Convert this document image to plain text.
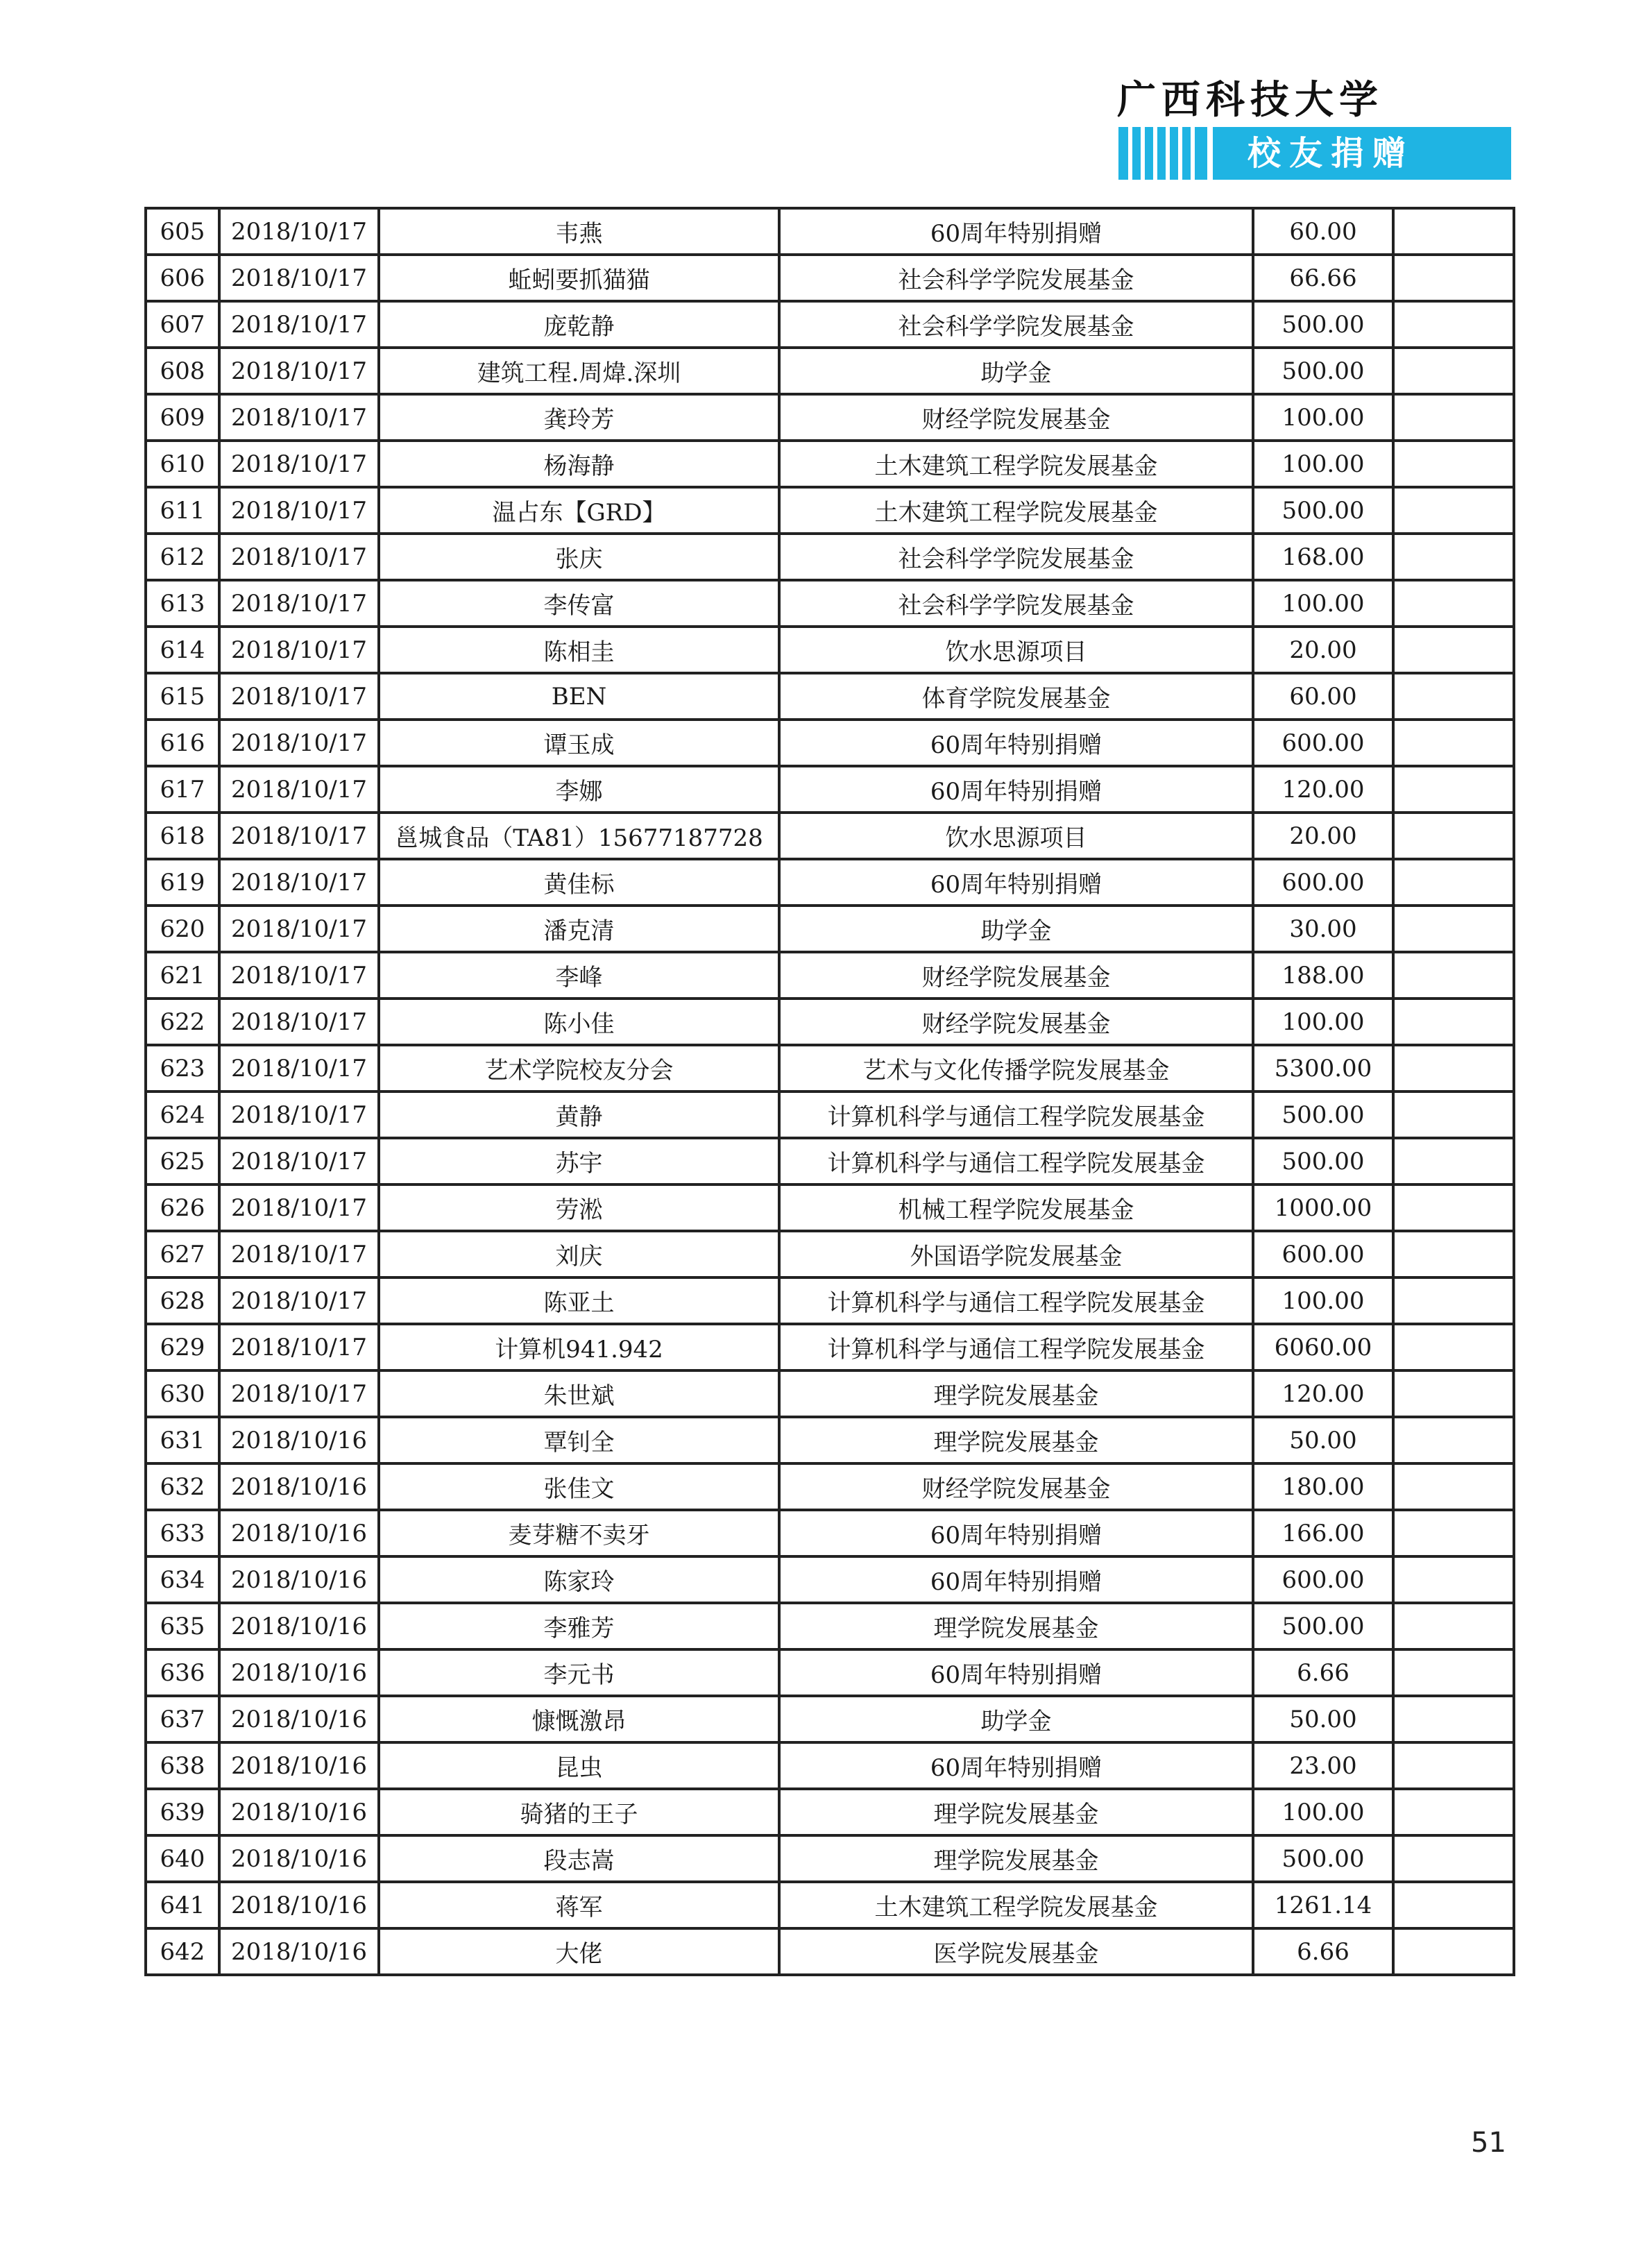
广西科技大学
校友捐赠
605	2018/10/17	韦燕	60周年特别捐赠	60.00	
606	2018/10/17	蚯蚓要抓猫猫	社会科学学院发展基金	66.66	
607	2018/10/17	庞乾静	社会科学学院发展基金	500.00	
608	2018/10/17	建筑工程.周煒.深圳	助学金	500.00	
609	2018/10/17	龚玲芳	财经学院发展基金	100.00	
610	2018/10/17	杨海静	土木建筑工程学院发展基金	100.00	
611	2018/10/17	温占东【GRD】	土木建筑工程学院发展基金	500.00	
612	2018/10/17	张庆	社会科学学院发展基金	168.00	
613	2018/10/17	李传富	社会科学学院发展基金	100.00	
614	2018/10/17	陈相圭	饮水思源项目	20.00	
615	2018/10/17	BEN	体育学院发展基金	60.00	
616	2018/10/17	谭玉成	60周年特别捐赠	600.00	
617	2018/10/17	李娜	60周年特别捐赠	120.00	
618	2018/10/17	邕城食品（TA81）15677187728	饮水思源项目	20.00	
619	2018/10/17	黄佳标	60周年特别捐赠	600.00	
620	2018/10/17	潘克清	助学金	30.00	
621	2018/10/17	李峰	财经学院发展基金	188.00	
622	2018/10/17	陈小佳	财经学院发展基金	100.00	
623	2018/10/17	艺术学院校友分会	艺术与文化传播学院发展基金	5300.00	
624	2018/10/17	黄静	计算机科学与通信工程学院发展基金	500.00	
625	2018/10/17	苏宇	计算机科学与通信工程学院发展基金	500.00	
626	2018/10/17	劳淞	机械工程学院发展基金	1000.00	
627	2018/10/17	刘庆	外国语学院发展基金	600.00	
628	2018/10/17	陈亚土	计算机科学与通信工程学院发展基金	100.00	
629	2018/10/17	计算机941.942	计算机科学与通信工程学院发展基金	6060.00	
630	2018/10/17	朱世斌	理学院发展基金	120.00	
631	2018/10/16	覃钊全	理学院发展基金	50.00	
632	2018/10/16	张佳文	财经学院发展基金	180.00	
633	2018/10/16	麦芽糖不卖牙	60周年特别捐赠	166.00	
634	2018/10/16	陈家玲	60周年特别捐赠	600.00	
635	2018/10/16	李雅芳	理学院发展基金	500.00	
636	2018/10/16	李元书	60周年特别捐赠	6.66	
637	2018/10/16	慷慨激昂	助学金	50.00	
638	2018/10/16	昆虫	60周年特别捐赠	23.00	
639	2018/10/16	骑猪的王子	理学院发展基金	100.00	
640	2018/10/16	段志嵩	理学院发展基金	500.00	
641	2018/10/16	蒋军	土木建筑工程学院发展基金	1261.14	
642	2018/10/16	大佬	医学院发展基金	6.66	
51
